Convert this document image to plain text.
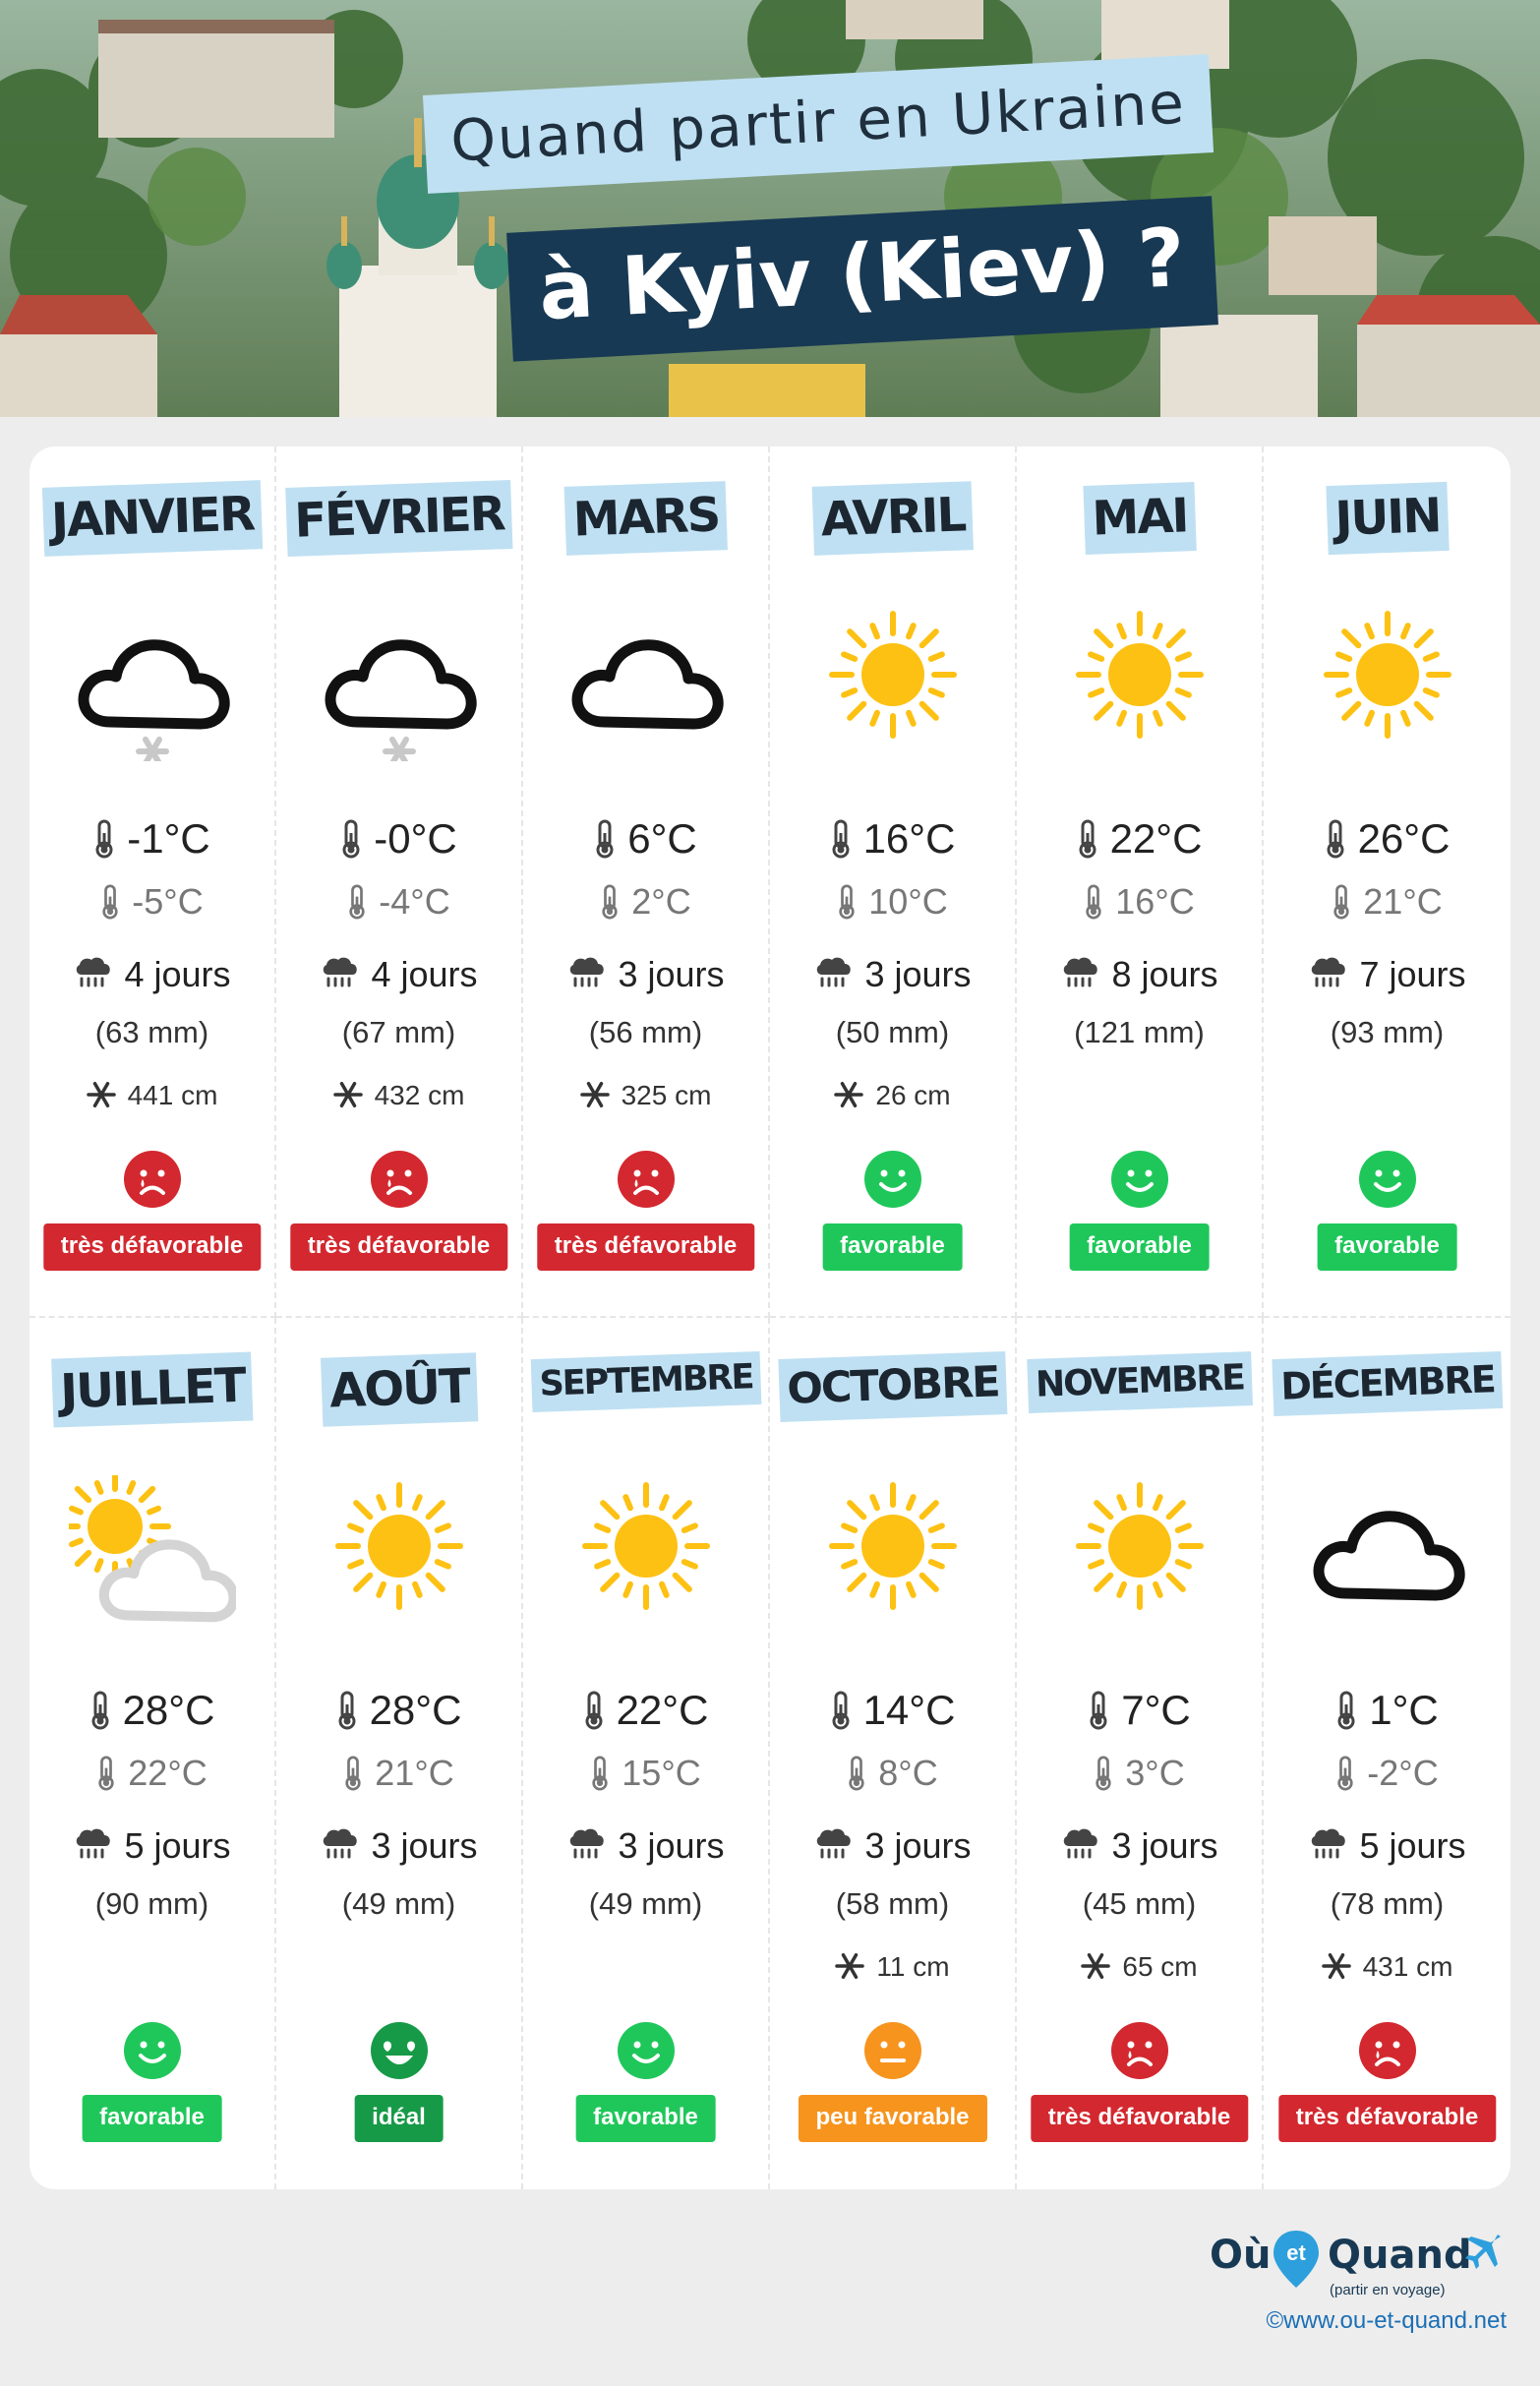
Quand partir en Ukraine
à Kyiv (Kiev) ?
JANVIER
-1°C
-5°C
4 jours
(63 mm)
441 cm
très défavorable
FÉVRIER
-0°C
-4°C
4 jours
(67 mm)
432 cm
très défavorable
MARS
6°C
2°C
3 jours
(56 mm)
325 cm
très défavorable
AVRIL
16°C
10°C
3 jours
(50 mm)
26 cm
favorable
MAI
22°C
16°C
8 jours
(121 mm)
favorable
JUIN
26°C
21°C
7 jours
(93 mm)
favorable
JUILLET
28°C
22°C
5 jours
(90 mm)
favorable
AOÛT
28°C
21°C
3 jours
(49 mm)
idéal
SEPTEMBRE
22°C
15°C
3 jours
(49 mm)
favorable
OCTOBRE
14°C
8°C
3 jours
(58 mm)
11 cm
peu favorable
NOVEMBRE
7°C
3°C
3 jours
(45 mm)
65 cm
très défavorable
DÉCEMBRE
1°C
-2°C
5 jours
(78 mm)
431 cm
très défavorable
Où et Quand
(partir en voyage)
©www.ou-et-quand.net
